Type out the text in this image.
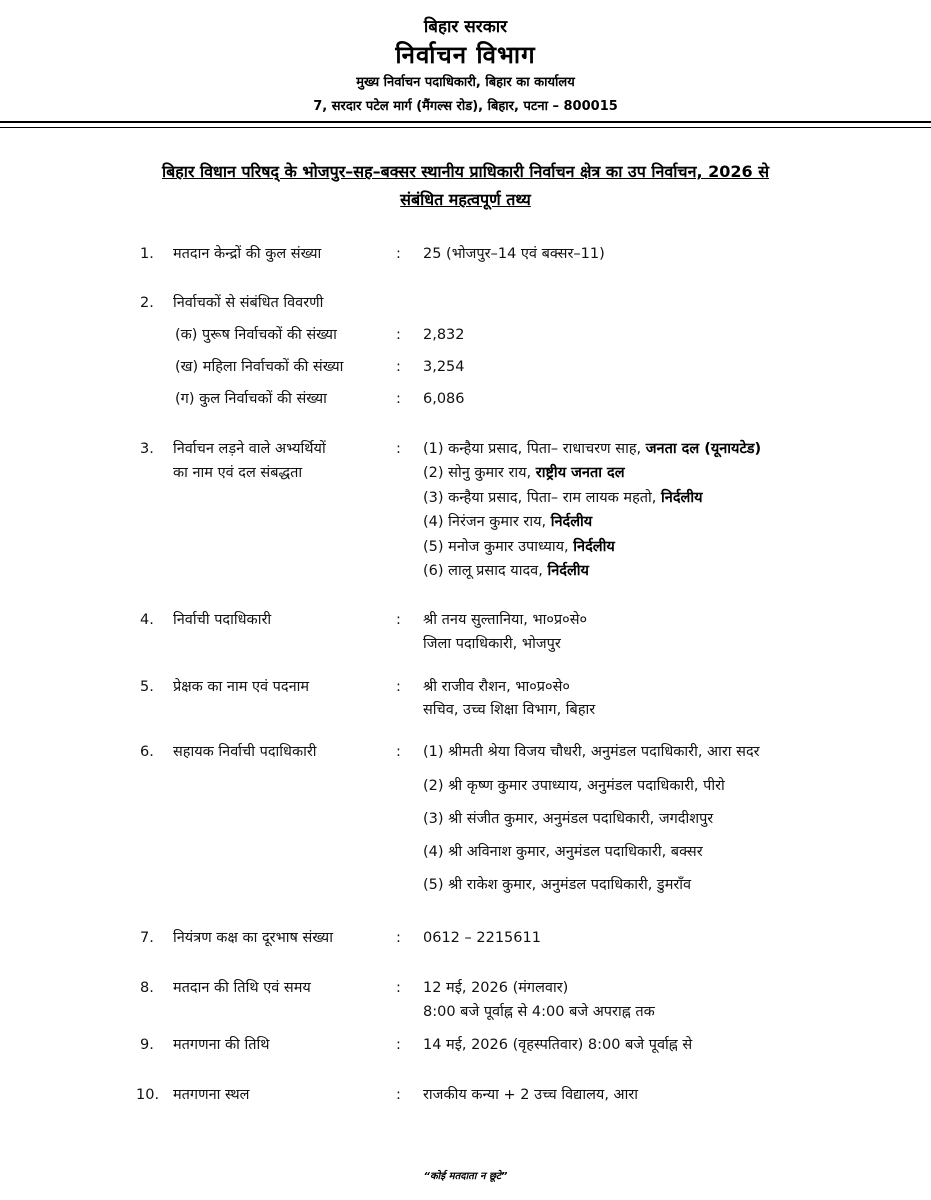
बिहार सरकार
निर्वाचन विभाग
मुख्य निर्वाचन पदाधिकारी, बिहार का कार्यालय
7, सरदार पटेल मार्ग (मैंगल्स रोड), बिहार, पटना – 800015
बिहार विधान परिषद् के भोजपुर–सह–बक्सर स्थानीय प्राधिकारी निर्वाचन क्षेत्र का उप निर्वाचन, 2026 से
संबंधित महत्वपूर्ण तथ्य
1.	मतदान केन्द्रों की कुल संख्या	: 25 (भोजपुर–14 एवं बक्सर–11)
2.	निर्वाचकों से संबंधित विवरणी
(क) पुरूष निर्वाचकों की संख्या	: 2,832
(ख) महिला निर्वाचकों की संख्या	: 3,254
(ग) कुल निर्वाचकों की संख्या	: 6,086
3.	निर्वाचन लड़ने वाले अभ्यर्थियों
का नाम एवं दल संबद्धता
: (1) कन्हैया प्रसाद, पिता– राधाचरण साह, जनता दल (यूनायटेड)
(2) सोनु कुमार राय, राष्ट्रीय जनता दल
(3) कन्हैया प्रसाद, पिता– राम लायक महतो, निर्दलीय
(4) निरंजन कुमार राय, निर्दलीय
(5) मनोज कुमार उपाध्याय, निर्दलीय
(6) लालू प्रसाद यादव, निर्दलीय
4.	निर्वाची पदाधिकारी	: श्री तनय सुल्तानिया, भा०प्र०से०
जिला पदाधिकारी, भोजपुर
5.	प्रेक्षक का नाम एवं पदनाम	: श्री राजीव रौशन, भा०प्र०से०
सचिव, उच्च शिक्षा विभाग, बिहार
6.	सहायक निर्वाची पदाधिकारी	: (1) श्रीमती श्रेया विजय चौधरी, अनुमंडल पदाधिकारी, आरा सदर
(2) श्री कृष्ण कुमार उपाध्याय, अनुमंडल पदाधिकारी, पीरो
(3) श्री संजीत कुमार, अनुमंडल पदाधिकारी, जगदीशपुर
(4) श्री अविनाश कुमार, अनुमंडल पदाधिकारी, बक्सर
(5) श्री राकेश कुमार, अनुमंडल पदाधिकारी, डुमराँव
7.	नियंत्रण कक्ष का दूरभाष संख्या	: 0612 – 2215611
8.	मतदान की तिथि एवं समय	: 12 मई, 2026 (मंगलवार)
8:00 बजे पूर्वाह्न से 4:00 बजे अपराह्न तक
9.	मतगणना की तिथि	: 14 मई, 2026 (वृहस्पतिवार) 8:00 बजे पूर्वाह्न से
10. मतगणना स्थल	: राजकीय कन्या + 2 उच्च विद्यालय, आरा
“कोई मतदाता न छूटे”
